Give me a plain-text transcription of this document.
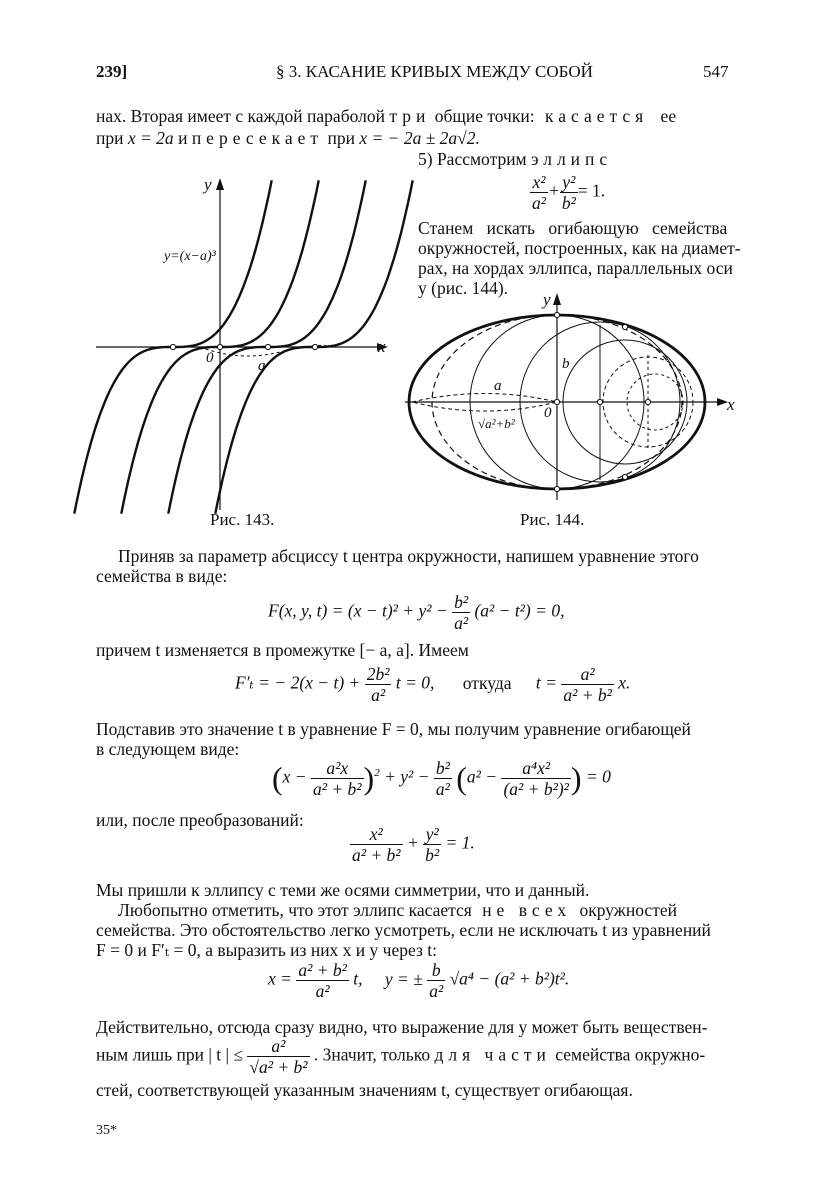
239]	§ 3. КАСАНИЕ КРИВЫХ МЕЖДУ СОБОЙ	547
нах. Вторая имеет с каждой параболой три общие точки: касается ее
при x = 2a и пересекает при x = − 2a ± 2a√2.
5) Рассмотрим эллипс
$\frac{\text{x²}}{\text{a²}} + \frac{\text{y²}}{\text{b²}} = 1$.
Станем искать огибающую семейства
окружностей, построенных, как на диамет-
рах, на хордах эллипса, параллельных оси
y (рис. 144).
y
x
0	a
y=(x−a)³
Рис. 143.
y
x
0
b
a
√a²+b²
Рис. 144.
Приняв за параметр абсциссу t центра окружности, напишем уравнение этого
семейства в виде:
F(x, y, $t) = (x - t)^2 + y^2 - \frac{\text{b²}}{\text{a²}} (a^2 - t^2) = 0$,
причем t изменяется в промежутке [− a, a]. Имеем
F′ₜ = − $2(x - t) + \frac{\text{2b²}}{\text{a²}}$ t = 0, откуда $t = \frac{\text{a²}}{\text{a² + b²}} x$.
Подставив это значение t в уравнение F = 0, мы получим уравнение огибающей
в следующем виде:
$(x - \frac{\text{a²x}}{\text{a² + b²}} )^2 + y^2 - \frac{\text{b²}}{\text{a²}} (a^2 - \frac{\text{a⁴x²}}{\text{(a² + b²)²}}$ ) = 0
или, после преобразований:
$\frac{\text{x²}}{\text{a² + b²}} + \frac{\text{y²}}{\text{b²}} = 1$.
Мы пришли к эллипсу с теми же осями симметрии, что и данный.
Любопытно отметить, что этот эллипс касается не всех окружностей
семейства. Это обстоятельство легко усмотреть, если не исключать t из уравнений
F = 0 и F′ₜ = 0, а выразить из них x и y через t:
$x = \frac{\text{a² + b²}}{\text{a²}} t$, y = ± $\frac{b}{\text{a²}} √a^4 - (a^2 + b^2)t^2$.
Действительно, отсюда сразу видно, что выражение для y может быть веществен-
ным лишь при | t | ≤ $\frac{\text{a²}}{\text{√a² + b²}}$ . Значит, только для части семейства окружно-
стей, соответствующей указанным значениям t, существует огибающая.
35*
